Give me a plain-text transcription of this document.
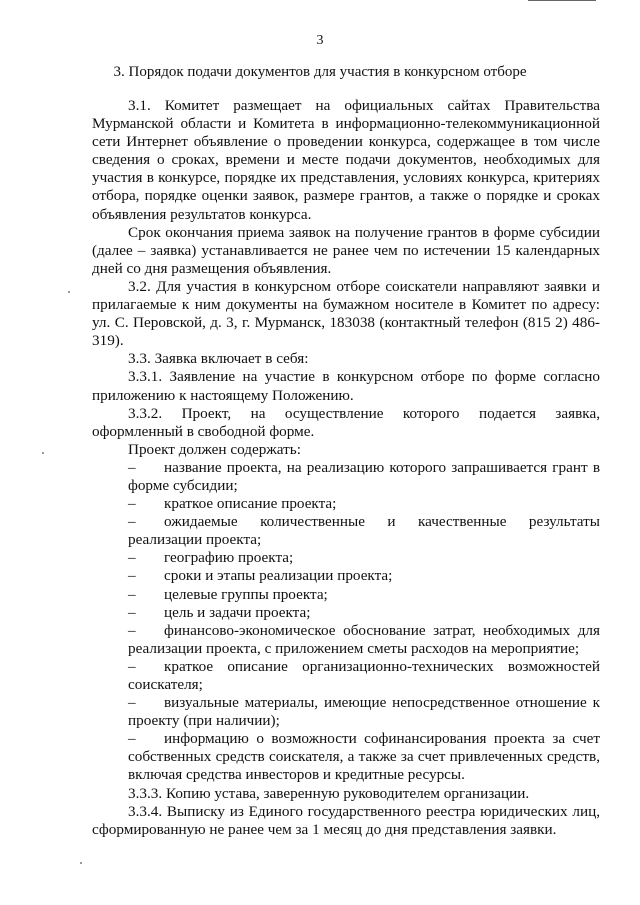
3
3. Порядок подачи документов для участия в конкурсном отборе

3.1. Комитет размещает на официальных сайтах Правительства Мурманской области и Комитета в информационно-телекоммуникационной сети Интернет объявление о проведении конкурса, содержащее в том числе сведения о сроках, времени и месте подачи документов, необходимых для участия в конкурсе, порядке их представления, условиях конкурса, критериях отбора, порядке оценки заявок, размере грантов, а также о порядке и сроках объявления результатов конкурса.

Срок окончания приема заявок на получение грантов в форме субсидии (далее – заявка) устанавливается не ранее чем по истечении 15 календарных дней со дня размещения объявления.

3.2. Для участия в конкурсном отборе соискатели направляют заявки и прилагаемые к ним документы на бумажном носителе в Комитет по адресу: ул. С. Перовской, д. 3, г. Мурманск, 183038 (контактный телефон (815 2) 486-319).

3.3. Заявка включает в себя:

3.3.1. Заявление на участие в конкурсном отборе по форме согласно приложению к настоящему Положению.

3.3.2. Проект, на осуществление которого подается заявка, оформленный в свободной форме.

Проект должен содержать:

– название проекта, на реализацию которого запрашивается грант в форме субсидии;

– краткое описание проекта;

– ожидаемые количественные и качественные результаты реализации проекта;

– географию проекта;

– сроки и этапы реализации проекта;

– целевые группы проекта;

– цель и задачи проекта;

– финансово-экономическое обоснование затрат, необходимых для реализации проекта, с приложением сметы расходов на мероприятие;

– краткое описание организационно-технических возможностей соискателя;

– визуальные материалы, имеющие непосредственное отношение к проекту (при наличии);

– информацию о возможности софинансирования проекта за счет собственных средств соискателя, а также за счет привлеченных средств, включая средства инвесторов и кредитные ресурсы.

3.3.3. Копию устава, заверенную руководителем организации.

3.3.4. Выписку из Единого государственного реестра юридических лиц, сформированную не ранее чем за 1 месяц до дня представления заявки.
